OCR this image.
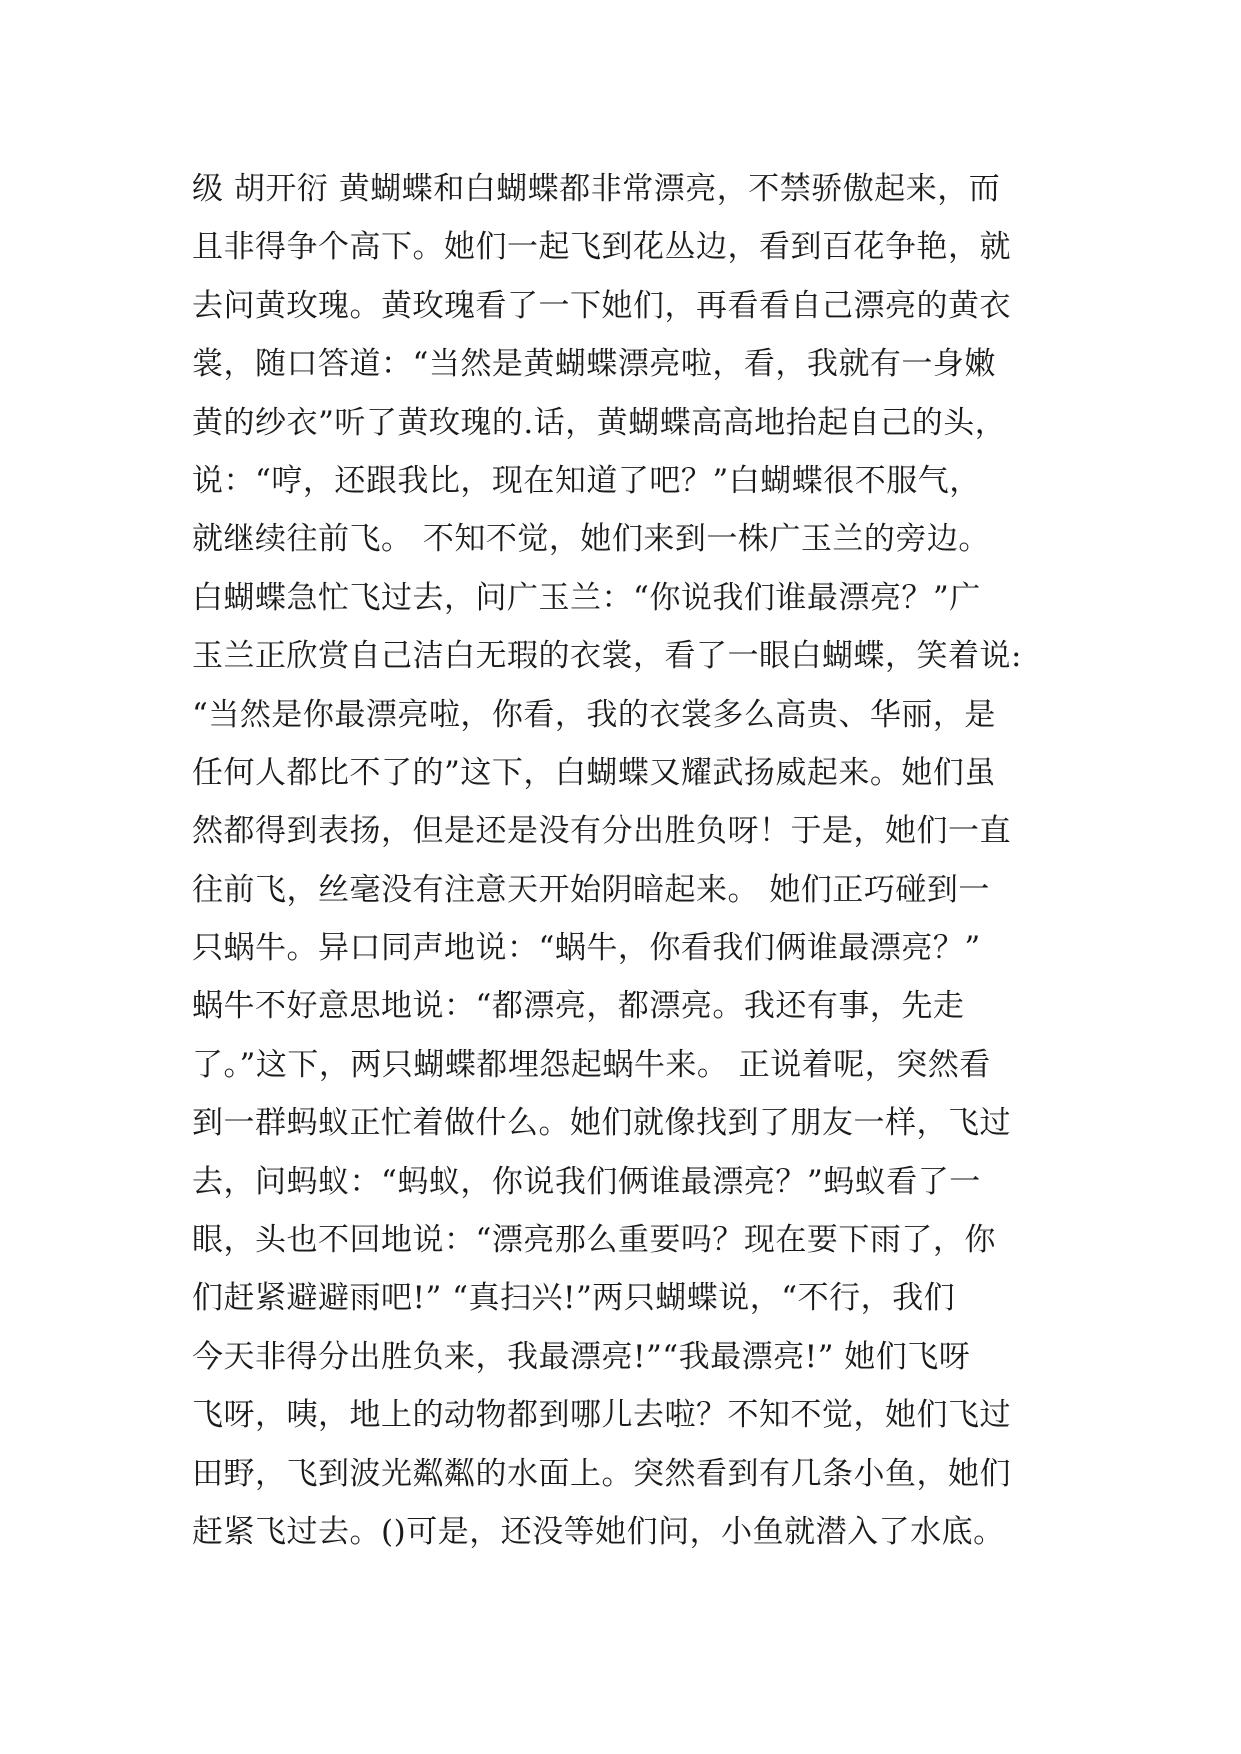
级 胡开衍 黄蝴蝶和白蝴蝶都非常漂亮，不禁骄傲起来，而
且非得争个高下。她们一起飞到花丛边，看到百花争艳，就
去问黄玫瑰。黄玫瑰看了一下她们，再看看自己漂亮的黄衣
裳，随口答道：“当然是黄蝴蝶漂亮啦，看，我就有一身嫩
黄的纱衣”听了黄玫瑰的.话，黄蝴蝶高高地抬起自己的头，
说：“哼，还跟我比，现在知道了吧？”白蝴蝶很不服气，
就继续往前飞。 不知不觉，她们来到一株广玉兰的旁边。
白蝴蝶急忙飞过去，问广玉兰：“你说我们谁最漂亮？”广
玉兰正欣赏自己洁白无瑕的衣裳，看了一眼白蝴蝶，笑着说:
“当然是你最漂亮啦，你看，我的衣裳多么高贵、华丽，是
任何人都比不了的”这下，白蝴蝶又耀武扬威起来。她们虽
然都得到表扬，但是还是没有分出胜负呀！于是，她们一直
往前飞，丝毫没有注意天开始阴暗起来。 她们正巧碰到一
只蜗牛。异口同声地说：“蜗牛，你看我们俩谁最漂亮？”
蜗牛不好意思地说：“都漂亮，都漂亮。我还有事，先走
了。”这下，两只蝴蝶都埋怨起蜗牛来。 正说着呢，突然看
到一群蚂蚁正忙着做什么。她们就像找到了朋友一样，飞过
去，问蚂蚁：“蚂蚁，你说我们俩谁最漂亮？”蚂蚁看了一
眼，头也不回地说：“漂亮那么重要吗？现在要下雨了，你
们赶紧避避雨吧!” “真扫兴!”两只蝴蝶说，“不行，我们
今天非得分出胜负来，我最漂亮!”“我最漂亮!” 她们飞呀
飞呀，咦，地上的动物都到哪儿去啦？不知不觉，她们飞过
田野，飞到波光粼粼的水面上。突然看到有几条小鱼，她们
赶紧飞过去。()可是，还没等她们问，小鱼就潜入了水底。
